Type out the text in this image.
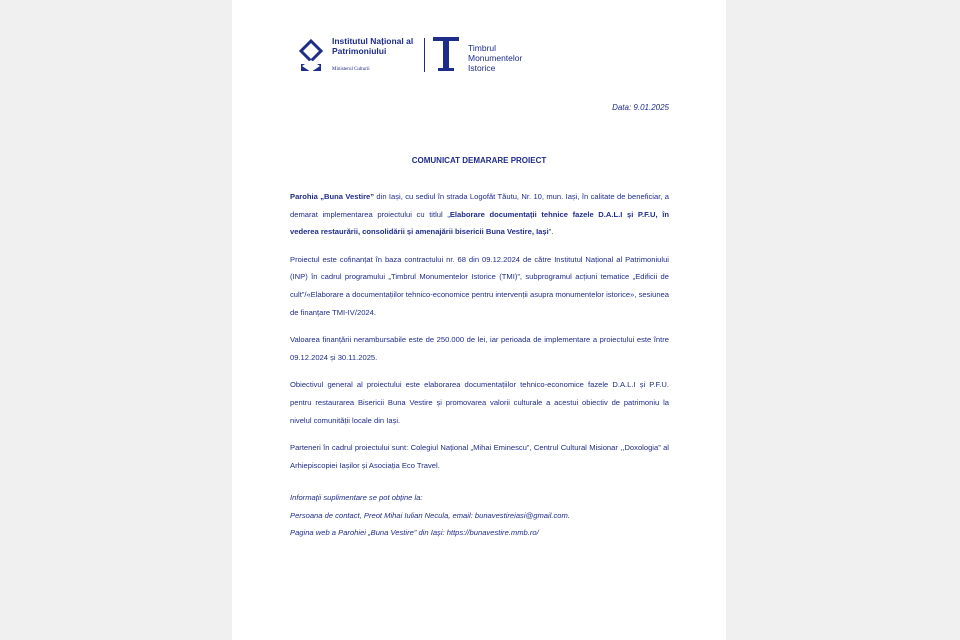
Institutul Național al
Patrimoniului
Ministerul Culturii
Timbrul
Monumentelor
Istorice
Data: 9.01.2025
COMUNICAT DEMARARE PROIECT

Parohia „Buna Vestire” din Iași, cu sediul în strada Logofăt Tăutu, Nr. 10, mun. Iași, în calitate de beneficiar, a demarat implementarea proiectului cu titlul „Elaborare documentații tehnice fazele D.A.L.I și P.F.U, în vederea restaurării, consolidării și amenajării bisericii Buna Vestire, Iași”.

Proiectul este cofinanțat în baza contractului nr. 68 din 09.12.2024 de către Institutul Național al Patrimoniului (INP) în cadrul programului „Timbrul Monumentelor Istorice (TMI)”, subprogramul acțiuni tematice „Edificii de cult”/«Elaborare a documentațiilor tehnico-economice pentru intervenții asupra monumentelor istorice», sesiunea de finanțare TMI-IV/2024.

Valoarea finanțării nerambursabile este de 250.000 de lei, iar perioada de implementare a proiectului este între 09.12.2024 și 30.11.2025.

Obiectivul general al proiectului este elaborarea documentațiilor tehnico-economice fazele D.A.L.I și P.F.U. pentru restaurarea Bisericii Buna Vestire și promovarea valorii culturale a acestui obiectiv de patrimoniu la nivelul comunității locale din Iași.

Parteneri în cadrul proiectului sunt: Colegiul Național „Mihai Eminescu”, Centrul Cultural Misionar ,,Doxologia” al Arhiepiscopiei Iașilor și Asociația Eco Travel.

Informații suplimentare se pot obține la:
Persoana de contact, Preot Mihai Iulian Necula, email: bunavestireiasi@gmail.com.
Pagina web a Parohiei „Buna Vestire” din Iași: https://bunavestire.mmb.ro/
